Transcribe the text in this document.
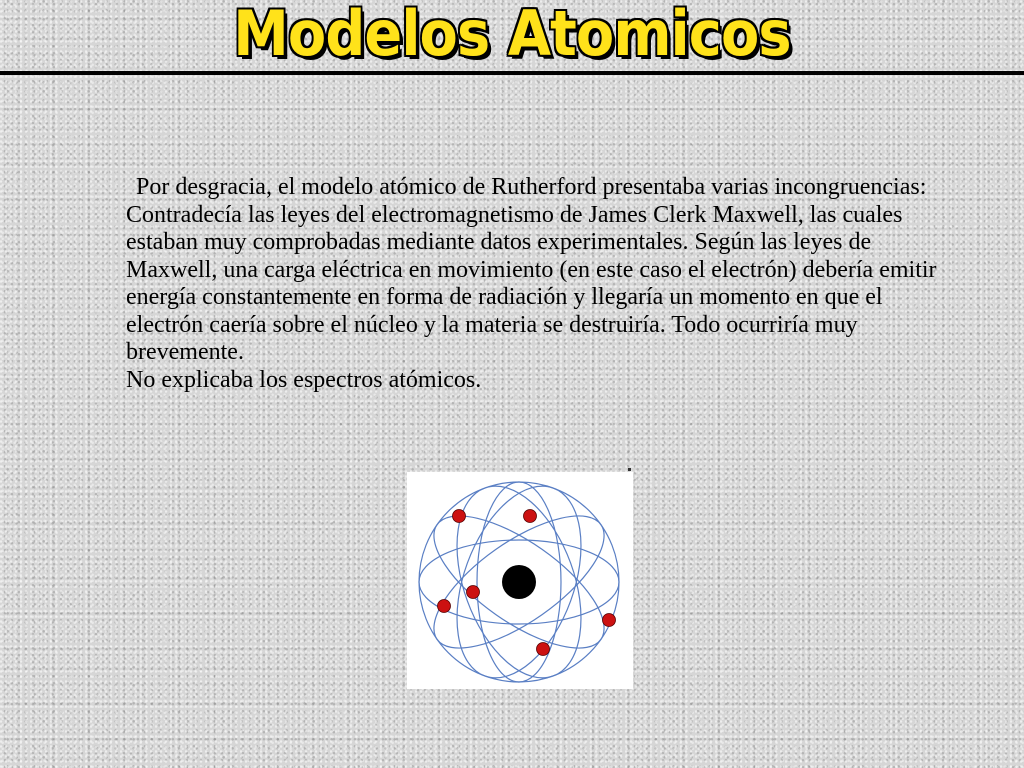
Modelos Atomicos

Por desgracia, el modelo atómico de Rutherford presentaba varias incongruencias:

Contradecía las leyes del electromagnetismo de James Clerk Maxwell, las cuales estaban muy comprobadas mediante datos experimentales. Según las leyes de Maxwell, una carga eléctrica en movimiento (en este caso el electrón) debería emitir energía constantemente en forma de radiación y llegaría un momento en que el electrón caería sobre el núcleo y la materia se destruiría. Todo ocurriría muy brevemente.

No explicaba los espectros atómicos.
